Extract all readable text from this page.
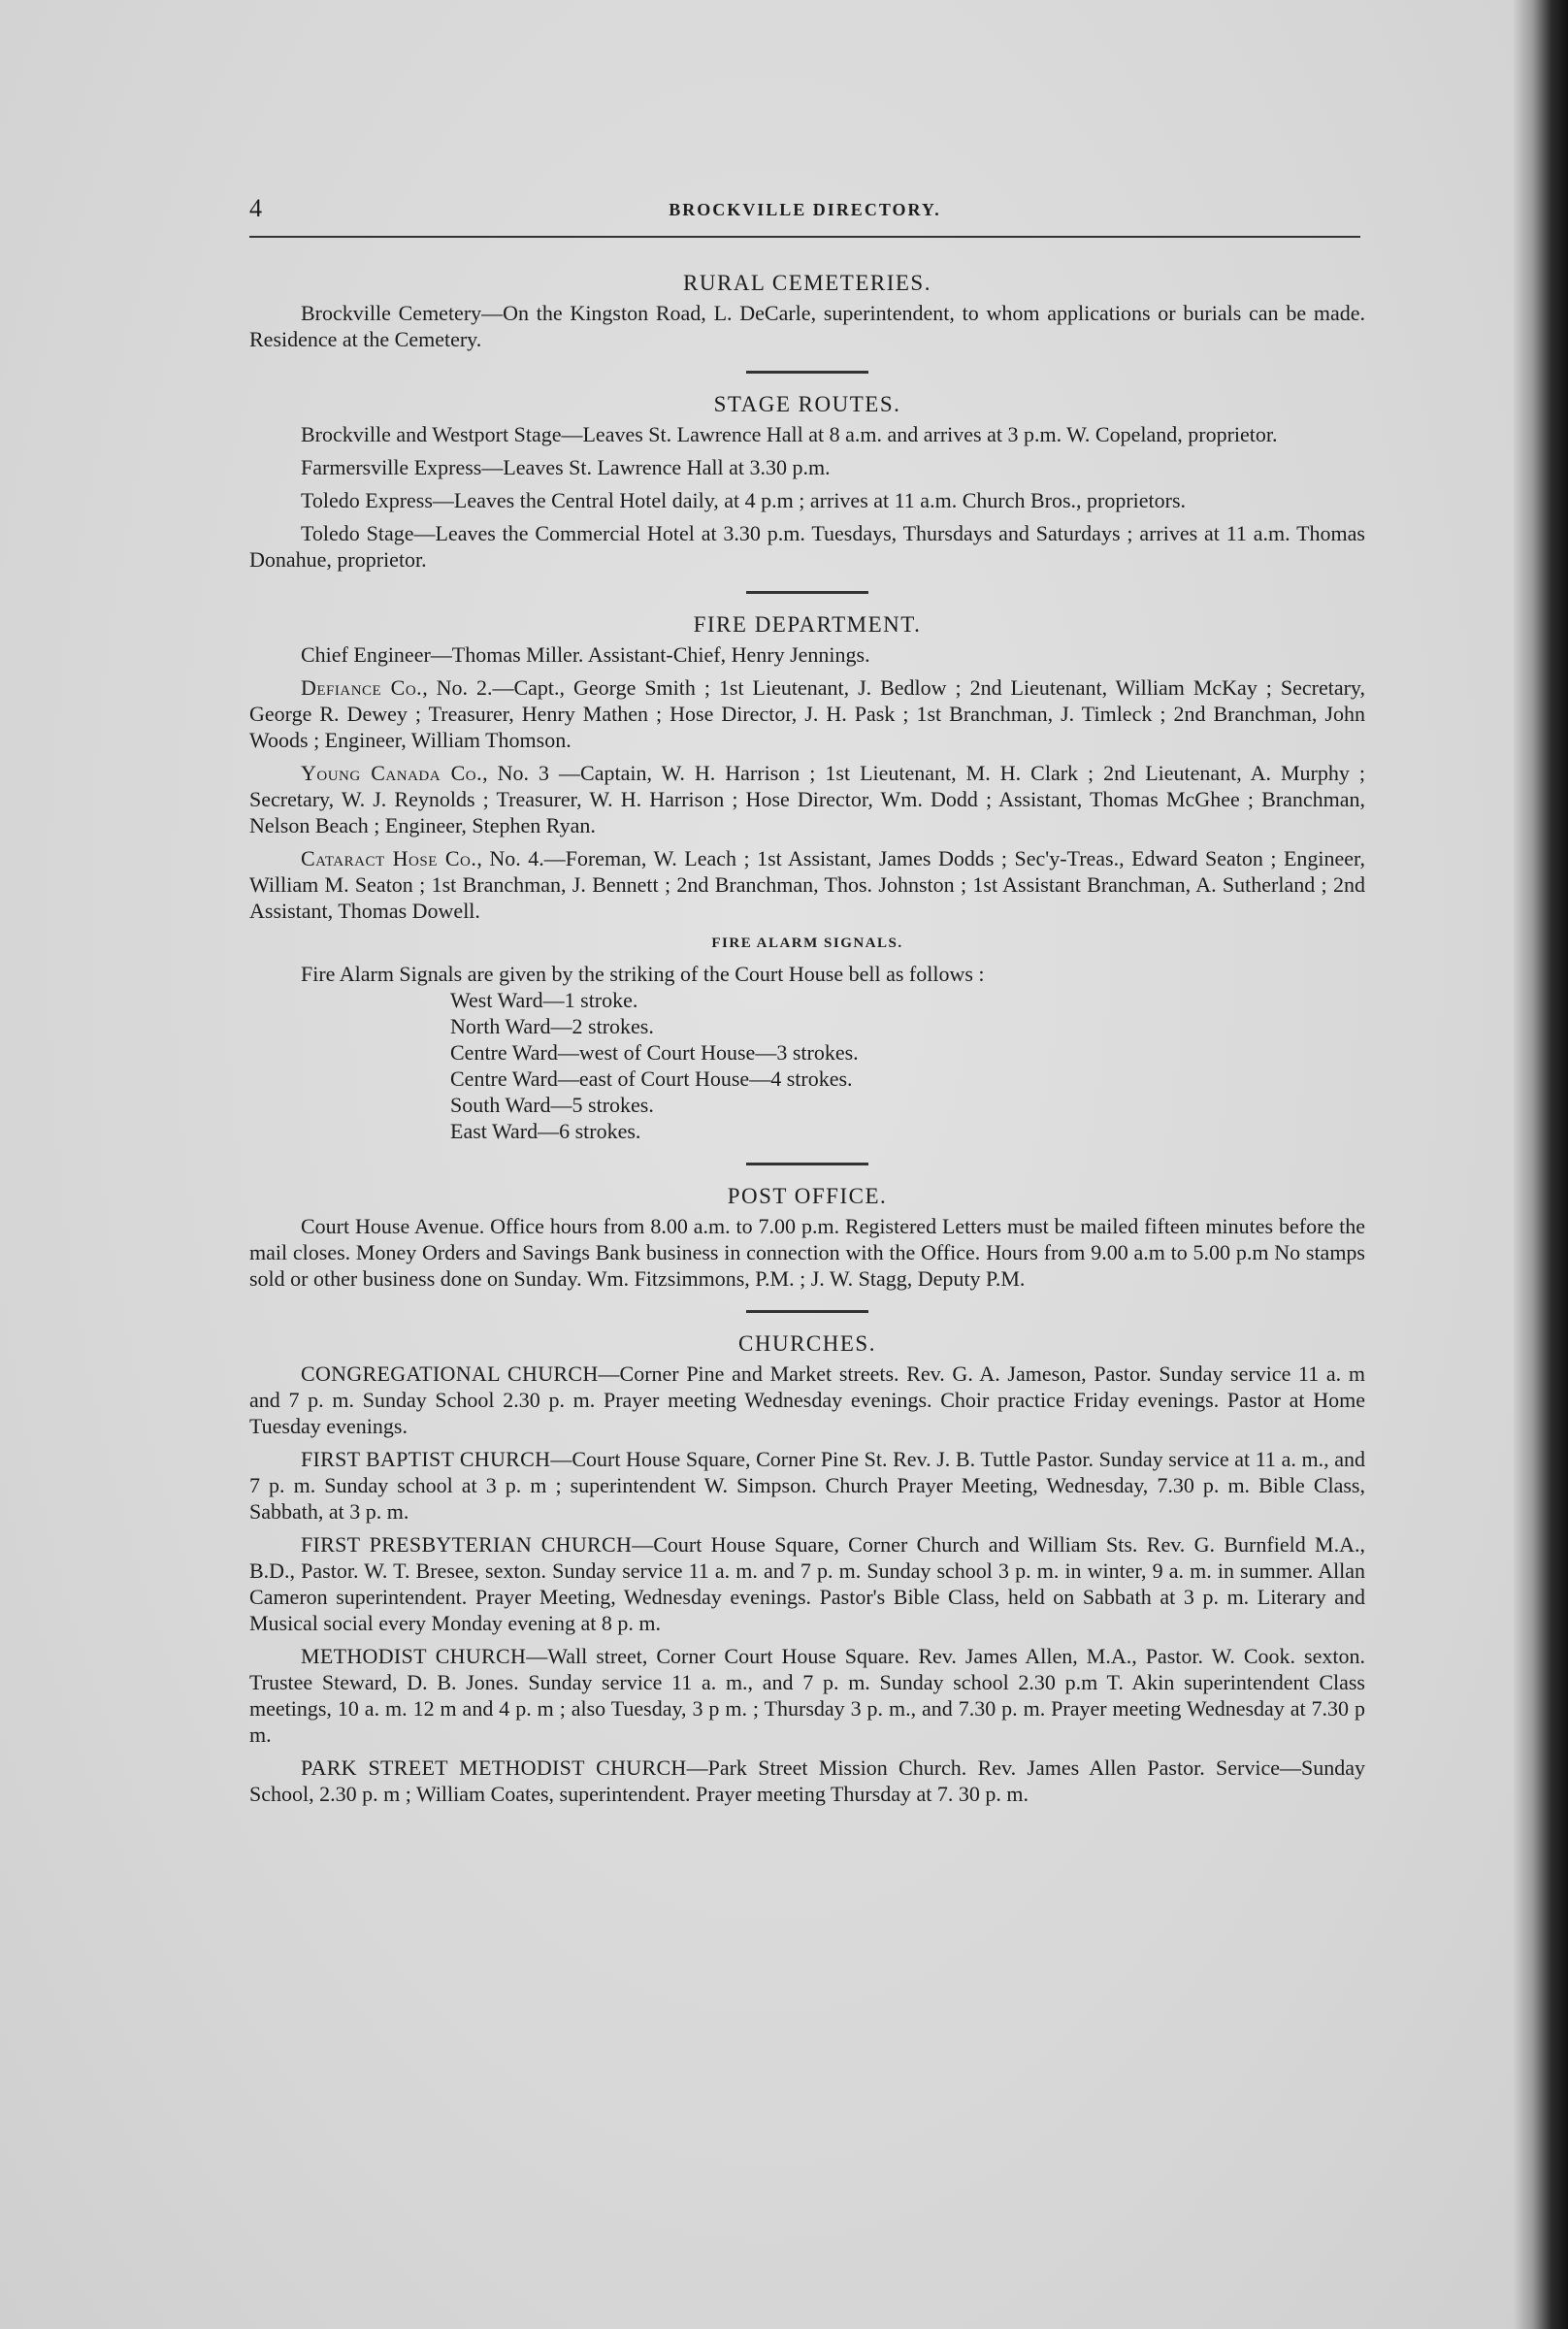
4	BROCKVILLE DIRECTORY.
RURAL CEMETERIES.

Brockville Cemetery—On the Kingston Road, L. DeCarle, superintendent, to whom applications or burials can be made. Residence at the Cemetery.

STAGE ROUTES.

Brockville and Westport Stage—Leaves St. Lawrence Hall at 8 a.m. and arrives at 3 p.m. W. Copeland, proprietor.

Farmersville Express—Leaves St. Lawrence Hall at 3.30 p.m.

Toledo Express—Leaves the Central Hotel daily, at 4 p.m ; arrives at 11 a.m. Church Bros., proprietors.

Toledo Stage—Leaves the Commercial Hotel at 3.30 p.m. Tuesdays, Thursdays and Saturdays ; arrives at 11 a.m. Thomas Donahue, proprietor.

FIRE DEPARTMENT.

Chief Engineer—Thomas Miller. Assistant-Chief, Henry Jennings.

Defiance Co., No. 2.—Capt., George Smith ; 1st Lieutenant, J. Bedlow ; 2nd Lieutenant, William McKay ; Secretary, George R. Dewey ; Treasurer, Henry Mathen ; Hose Director, J. H. Pask ; 1st Branchman, J. Timleck ; 2nd Branchman, John Woods ; Engineer, William Thomson.

Young Canada Co., No. 3 —Captain, W. H. Harrison ; 1st Lieutenant, M. H. Clark ; 2nd Lieutenant, A. Murphy ; Secretary, W. J. Reynolds ; Treasurer, W. H. Harrison ; Hose Director, Wm. Dodd ; Assistant, Thomas McGhee ; Branchman, Nelson Beach ; Engineer, Stephen Ryan.

Cataract Hose Co., No. 4.—Foreman, W. Leach ; 1st Assistant, James Dodds ; Sec'y-Treas., Edward Seaton ; Engineer, William M. Seaton ; 1st Branchman, J. Bennett ; 2nd Branchman, Thos. Johnston ; 1st Assistant Branchman, A. Sutherland ; 2nd Assistant, Thomas Dowell.

FIRE ALARM SIGNALS.

Fire Alarm Signals are given by the striking of the Court House bell as follows :

West Ward—1 stroke.
North Ward—2 strokes.
Centre Ward—west of Court House—3 strokes.
Centre Ward—east of Court House—4 strokes.
South Ward—5 strokes.
East Ward—6 strokes.
POST OFFICE.

Court House Avenue. Office hours from 8.00 a.m. to 7.00 p.m. Registered Letters must be mailed fifteen minutes before the mail closes. Money Orders and Savings Bank business in connection with the Office. Hours from 9.00 a.m to 5.00 p.m No stamps sold or other business done on Sunday. Wm. Fitzsimmons, P.M. ; J. W. Stagg, Deputy P.M.

CHURCHES.

CONGREGATIONAL CHURCH—Corner Pine and Market streets. Rev. G. A. Jameson, Pastor. Sunday service 11 a. m and 7 p. m. Sunday School 2.30 p. m. Prayer meeting Wednesday evenings. Choir practice Friday evenings. Pastor at Home Tuesday evenings.

FIRST BAPTIST CHURCH—Court House Square, Corner Pine St. Rev. J. B. Tuttle Pastor. Sunday service at 11 a. m., and 7 p. m. Sunday school at 3 p. m ; superintendent W. Simpson. Church Prayer Meeting, Wednesday, 7.30 p. m. Bible Class, Sabbath, at 3 p. m.

FIRST PRESBYTERIAN CHURCH—Court House Square, Corner Church and William Sts. Rev. G. Burnfield M.A., B.D., Pastor. W. T. Bresee, sexton. Sunday service 11 a. m. and 7 p. m. Sunday school 3 p. m. in winter, 9 a. m. in summer. Allan Cameron superintendent. Prayer Meeting, Wednesday evenings. Pastor's Bible Class, held on Sabbath at 3 p. m. Literary and Musical social every Monday evening at 8 p. m.

METHODIST CHURCH—Wall street, Corner Court House Square. Rev. James Allen, M.A., Pastor. W. Cook. sexton. Trustee Steward, D. B. Jones. Sunday service 11 a. m., and 7 p. m. Sunday school 2.30 p.m T. Akin superintendent Class meetings, 10 a. m. 12 m and 4 p. m ; also Tuesday, 3 p m. ; Thursday 3 p. m., and 7.30 p. m. Prayer meeting Wednesday at 7.30 p m.

PARK STREET METHODIST CHURCH—Park Street Mission Church. Rev. James Allen Pastor. Service—Sunday School, 2.30 p. m ; William Coates, superintendent. Prayer meeting Thursday at 7. 30 p. m.
